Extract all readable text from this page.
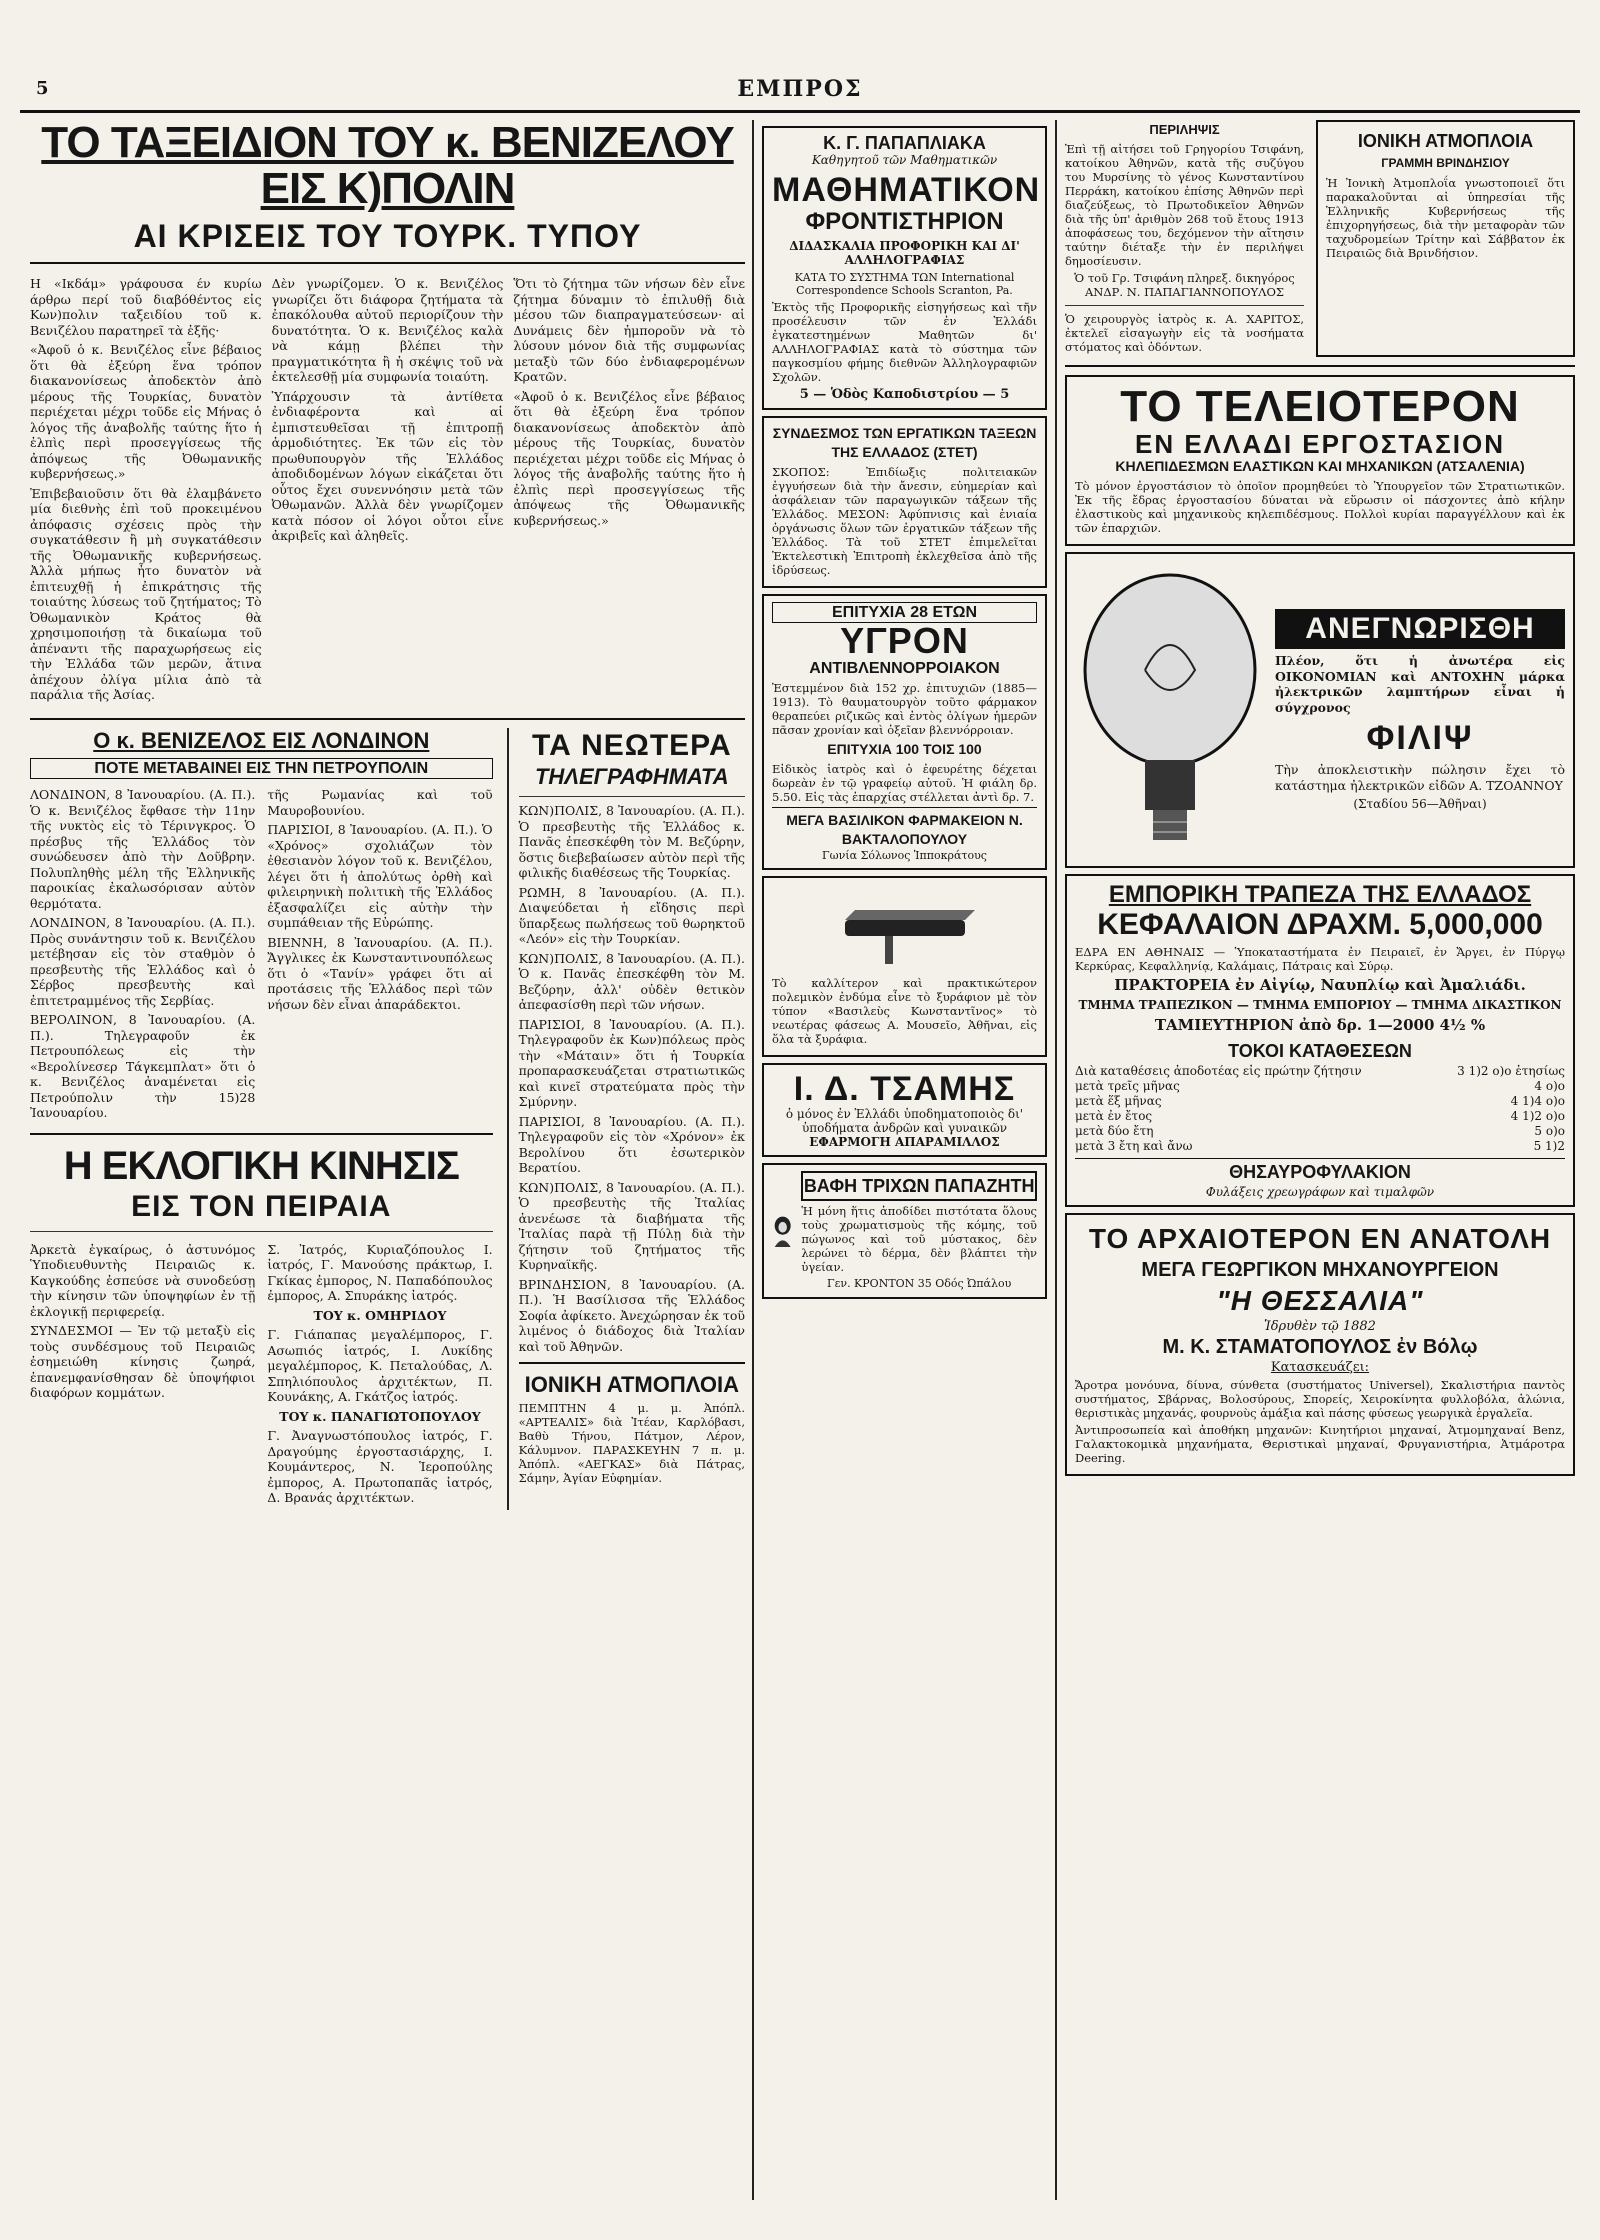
5	ΕΜΠΡΟΣ
ΤΟ ΤΑΞΕΙΔΙΟΝ ΤΟΥ κ. ΒΕΝΙΖΕΛΟΥ ΕΙΣ Κ)ΠΟΛΙΝ
ΑΙ ΚΡΙΣΕΙΣ ΤΟΥ ΤΟΥΡΚ. ΤΥΠΟΥ

Η «Ικδάμ» γράφουσα έν κυρίω άρθρω περί τοῦ διαβόθέντος εἰς Κων)πολιν ταξειδίου τοῦ κ. Βενιζέλου παρατηρεῖ τὰ ἑξῆς·

«Ἀφοῦ ὁ κ. Βενιζέλος εἶνε βέβαιος ὅτι θὰ ἐξεύρη ἕνα τρόπον διακανονίσεως ἀποδεκτὸν ἀπὸ μέρους τῆς Τουρκίας, δυνατὸν περιέχεται μέχρι τοῦδε εἰς Μήνας ὁ λόγος τῆς ἀναβολῆς ταύτης ἥτο ἡ ἐλπὶς περὶ προσεγγίσεως τῆς ἀπόψεως τῆς Ὀθωμανικῆς κυβερνήσεως.»

Ἐπιβεβαιοῦσιν ὅτι θὰ ἐλαμβάνετο μία διεθνὴς ἐπὶ τοῦ προκειμένου ἀπόφασις σχέσεις πρὸς τὴν συγκατάθεσιν ἢ μὴ συγκατάθεσιν τῆς Ὀθωμανικῆς κυβερνήσεως. Ἀλλὰ μήπως ἦτο δυνατὸν νὰ ἐπιτευχθῇ ἡ ἐπικράτησις τῆς τοιαύτης λύσεως τοῦ ζητήματος; Τὸ Ὀθωμανικὸν Κράτος θὰ χρησιμοποιήσῃ τὰ δικαίωμα τοῦ ἀπέναντι τῆς παραχωρήσεως εἰς τὴν Ἑλλάδα τῶν μερῶν, ἅτινα ἀπέχουν ὀλίγα μίλια ἀπὸ τὰ παράλια τῆς Ἀσίας.

Δὲν γνωρίζομεν. Ὁ κ. Βενιζέλος γνωρίζει ὅτι διάφορα ζητήματα τὰ ἐπακόλουθα αὐτοῦ περιορίζουν τὴν δυνατότητα. Ὁ κ. Βενιζέλος καλὰ νὰ κάμῃ βλέπει τὴν πραγματικότητα ἢ ἡ σκέψις τοῦ νὰ ἐκτελεσθῇ μία συμφωνία τοιαύτη.

Ὑπάρχουσιν τὰ ἀντίθετα ἐνδιαφέροντα καὶ αἱ ἐμπιστευθεῖσαι τῇ ἐπιτροπῇ ἀρμοδιότητες. Ἐκ τῶν εἰς τὸν πρωθυπουργὸν τῆς Ἑλλάδος ἀποδιδομένων λόγων εἰκάζεται ὅτι οὗτος ἔχει συνεννόησιν μετὰ τῶν Ὀθωμανῶν. Ἀλλὰ δὲν γνωρίζομεν κατὰ πόσον οἱ λόγοι οὗτοι εἶνε ἀκριβεῖς καὶ ἀληθεῖς.

Ὅτι τὸ ζήτημα τῶν νήσων δὲν εἶνε ζήτημα δύναμιν τὸ ἐπιλυθῇ διὰ μέσου τῶν διαπραγματεύσεων· αἱ Δυνάμεις δὲν ἠμποροῦν νὰ τὸ λύσουν μόνον διὰ τῆς συμφωνίας μεταξὺ τῶν δύο ἐνδιαφερομένων Κρατῶν.

«Ἀφοῦ ὁ κ. Βενιζέλος εἶνε βέβαιος ὅτι θὰ ἐξεύρη ἕνα τρόπον διακανονίσεως ἀποδεκτὸν ἀπὸ μέρους τῆς Τουρκίας, δυνατὸν περιέχεται μέχρι τοῦδε εἰς Μήνας ὁ λόγος τῆς ἀναβολῆς ταύτης ἥτο ἡ ἐλπὶς περὶ προσεγγίσεως τῆς ἀπόψεως τῆς Ὀθωμανικῆς κυβερνήσεως.»

Ο κ. ΒΕΝΙΖΕΛΟΣ ΕΙΣ ΛΟΝΔΙΝΟΝ
ΠΟΤΕ ΜΕΤΑΒΑΙΝΕΙ ΕΙΣ ΤΗΝ ΠΕΤΡΟΥΠΟΛΙΝ

ΛΟΝΔΙΝΟΝ, 8 Ἰανουαρίου. (Α. Π.). Ὁ κ. Βενιζέλος ἔφθασε τὴν 11ην τῆς νυκτὸς εἰς τὸ Τέρινγκρος. Ὁ πρέσβυς τῆς Ἑλλάδος τὸν συνώδευσεν ἀπὸ τὴν Δοῦβρην. Πολυπληθὴς μέλη τῆς Ἑλληνικῆς παροικίας ἐκαλωσόρισαν αὐτὸν θερμότατα.

ΛΟΝΔΙΝΟΝ, 8 Ἰανουαρίου. (Α. Π.). Πρὸς συνάντησιν τοῦ κ. Βενιζέλου μετέβησαν εἰς τὸν σταθμὸν ὁ πρεσβευτὴς τῆς Ἑλλάδος καὶ ὁ Σέρβος πρεσβευτὴς καὶ ἐπιτετραμμένος τῆς Σερβίας.

ΒΕΡΟΛΙΝΟΝ, 8 Ἰανουαρίου. (Α. Π.). Τηλεγραφοῦν ἐκ Πετρουπόλεως εἰς τὴν «Βερολίνεσερ Τάγκεμπλατ» ὅτι ὁ κ. Βενιζέλος ἀναμένεται εἰς Πετρούπολιν τὴν 15)28 Ἰανουαρίου.

τῆς Ρωμανίας καὶ τοῦ Μαυροβουνίου.

ΠΑΡΙΣΙΟΙ, 8 Ἰανουαρίου. (Α. Π.). Ὁ «Χρόνος» σχολιάζων τὸν ἐθεσιανὸν λόγον τοῦ κ. Βενιζέλου, λέγει ὅτι ἡ ἀπολύτως ὀρθὴ καὶ φιλειρηνικὴ πολιτικὴ τῆς Ἑλλάδος ἐξασφαλίζει εἰς αὐτὴν τὴν συμπάθειαν τῆς Εὐρώπης.

ΒΙΕΝΝΗ, 8 Ἰανουαρίου. (Α. Π.). Ἄγγλικες ἐκ Κωνσταντινουπόλεως ὅτι ὁ «Τανίν» γράφει ὅτι αἱ προτάσεις τῆς Ἑλλάδος περὶ τῶν νήσων δὲν εἶναι ἀπαράδεκτοι.

Η ΕΚΛΟΓΙΚΗ ΚΙΝΗΣΙΣ
ΕΙΣ ΤΟΝ ΠΕΙΡΑΙΑ

Ἀρκετὰ ἐγκαίρως, ὁ ἀστυνόμος Ὑποδιευθυντὴς Πειραιῶς κ. Καγκούδης ἐσπεύσε νὰ συνοδεύσῃ τὴν κίνησιν τῶν ὑποψηφίων ἐν τῇ ἐκλογικῇ περιφερείᾳ.

ΣΥΝΔΕΣΜΟΙ — Ἐν τῷ μεταξὺ εἰς τοὺς συνδέσμους τοῦ Πειραιῶς ἐσημειώθη κίνησις ζωηρά, ἐπανεμφανίσθησαν δὲ ὑποψήφιοι διαφόρων κομμάτων.

Σ. Ἰατρός, Κυριαζόπουλος Ι. ἰατρός, Γ. Μανούσης πράκτωρ, Ι. Γκίκας ἐμπορος, Ν. Παπαδόπουλος ἐμπορος, Α. Σπυράκης ἰατρός.

ΤΟΥ κ. ΟΜΗΡΙΔΟΥ

Γ. Γιάπαπας μεγαλέμπορος, Γ. Ασωπιός ἰατρός, Ι. Λυκίδης μεγαλέμπορος, Κ. Πεταλούδας, Λ. Σπηλιόπουλος ἀρχιτέκτων, Π. Κουνάκης, Α. Γκάτζος ἰατρός.

ΤΟΥ κ. ΠΑΝΑΓΙΩΤΟΠΟΥΛΟΥ

Γ. Ἀναγνωστόπουλος ἰατρός, Γ. Δραγούμης ἐργοστασιάρχης, Ι. Κουμάντερος, Ν. Ἱεροπούλης ἐμπορος, Α. Πρωτοπαπᾶς ἰατρός, Δ. Βρανάς ἀρχιτέκτων.

ΤΑ ΝΕΩΤΕΡΑ
ΤΗΛΕΓΡΑΦΗΜΑΤΑ

ΚΩΝ)ΠΟΛΙΣ, 8 Ἰανουαρίου. (Α. Π.). Ὁ πρεσβευτὴς τῆς Ἑλλάδος κ. Πανᾶς ἐπεσκέφθη τὸν Μ. Βεζύρην, ὅστις διεβεβαίωσεν αὐτὸν περὶ τῆς φιλικῆς διαθέσεως τῆς Τουρκίας.

ΡΩΜΗ, 8 Ἰανουαρίου. (Α. Π.). Διαψεύδεται ἡ εἴδησις περὶ ὕπαρξεως πωλήσεως τοῦ θωρηκτοῦ «Λεόν» εἰς τὴν Τουρκίαν.

ΚΩΝ)ΠΟΛΙΣ, 8 Ἰανουαρίου. (Α. Π.). Ὁ κ. Πανᾶς ἐπεσκέφθη τὸν Μ. Βεζύρην, ἀλλ' οὐδὲν θετικὸν ἀπεφασίσθη περὶ τῶν νήσων.

ΠΑΡΙΣΙΟΙ, 8 Ἰανουαρίου. (Α. Π.). Τηλεγραφοῦν ἐκ Κων)πόλεως πρὸς τὴν «Μάταιν» ὅτι ἡ Τουρκία προπαρασκευάζεται στρατιωτικῶς καὶ κινεῖ στρατεύματα πρὸς τὴν Σμύρνην.

ΠΑΡΙΣΙΟΙ, 8 Ἰανουαρίου. (Α. Π.). Τηλεγραφοῦν εἰς τὸν «Χρόνον» ἐκ Βερολίνου ὅτι ἐσωτερικὸν Βερατίου.

ΚΩΝ)ΠΟΛΙΣ, 8 Ἰανουαρίου. (Α. Π.). Ὁ πρεσβευτὴς τῆς Ἰταλίας ἀνενέωσε τὰ διαβήματα τῆς Ἰταλίας παρὰ τῇ Πύλῃ διὰ τὴν ζήτησιν τοῦ ζητήματος τῆς Κυρηναϊκῆς.

ΒΡΙΝΔΗΣΙΟΝ, 8 Ἰανουαρίου. (Α. Π.). Ἡ Βασίλισσα τῆς Ἑλλάδος Σοφία ἀφίκετο. Ἀνεχώρησαν ἐκ τοῦ λιμένος ὁ διάδοχος διὰ Ἰταλίαν καὶ τοῦ Ἀθηνῶν.

ΙΟΝΙΚΗ ΑΤΜΟΠΛΟΙΑ

ΠΕΜΠΤΗΝ 4 μ. μ. Ἀπόπλ. «ΑΡΤΕΑΛΙΣ» διὰ Ἰτέαν, Καρλόβασι, Βαθὺ Τήνου, Πάτμον, Λέρον, Κάλυμνον. ΠΑΡΑΣΚΕΥΗΝ 7 π. μ. Ἀπόπλ. «ΑΕΓΚΑΣ» διὰ Πάτρας, Σάμην, Ἀγίαν Εὐφημίαν.

Κ. Γ. ΠΑΠΑΠΛΙΑΚΑ
Καθηγητοῦ τῶν Μαθηματικῶν
ΜΑΘΗΜΑΤΙΚΟΝ
ΦΡΟΝΤΙΣΤΗΡΙΟΝ
ΔΙΔΑΣΚΑΛΙΑ ΠΡΟΦΟΡΙΚΗ ΚΑΙ ΔΙ' ΑΛΛΗΛΟΓΡΑΦΙΑΣ
ΚΑΤΑ ΤΟ ΣΥΣΤΗΜΑ ΤΩΝ International Correspondence Schools Scranton, Pa.

Ἐκτὸς τῆς Προφορικῆς εἰσηγήσεως καὶ τῆν προσέλευσιν τῶν ἐν Ἑλλάδι ἐγκατεστημένων Μαθητῶν δι' ΑΛΛΗΛΟΓΡΑΦΙΑΣ κατὰ τὸ σύστημα τῶν παγκοσμίου φήμης διεθνῶν Ἀλληλογραφιῶν Σχολῶν.

5 — Ὁδὸς Καποδιστρίου — 5
ΣΥΝΔΕΣΜΟΣ ΤΩΝ ΕΡΓΑΤΙΚΩΝ ΤΑΞΕΩΝ ΤΗΣ ΕΛΛΑΔΟΣ (ΣΤΕΤ)

ΣΚΟΠΟΣ: Ἐπιδίωξις πολιτειακῶν ἐγγυήσεων διὰ τὴν ἄνεσιν, εὐημερίαν καὶ ἀσφάλειαν τῶν παραγωγικῶν τάξεων τῆς Ἑλλάδος. ΜΕΣΟΝ: Ἀφύπνισις καὶ ἐνιαία ὀργάνωσις ὅλων τῶν ἐργατικῶν τάξεων τῆς Ἑλλάδος. Τὰ τοῦ ΣΤΕΤ ἐπιμελεῖται Ἐκτελεστικὴ Ἐπιτροπὴ ἐκλεχθεῖσα ἀπὸ τῆς ἱδρύσεως.

ΕΠΙΤΥΧΙΑ 28 ΕΤΩΝ
ΥΓΡΟΝ
ΑΝΤΙΒΛΕΝΝΟΡΡΟΙΑΚΟΝ

Ἐστεμμένον διὰ 152 χρ. ἐπιτυχιῶν (1885—1913). Τὸ θαυματουργὸν τοῦτο φάρμακον θεραπεύει ριζικῶς καὶ ἐντὸς ὀλίγων ἡμερῶν πᾶσαν χρονίαν καὶ ὀξεῖαν βλεννόρροιαν.

ΕΠΙΤΥΧΙΑ 100 ΤΟΙΣ 100

Εἰδικὸς ἰατρὸς καὶ ὁ ἐφευρέτης δέχεται δωρεὰν ἐν τῷ γραφείῳ αὐτοῦ. Ἡ φιάλη δρ. 5.50. Εἰς τὰς ἐπαρχίας στέλλεται ἀντὶ δρ. 7.

ΜΕΓΑ ΒΑΣΙΛΙΚΟΝ ΦΑΡΜΑΚΕΙΟΝ Ν. ΒΑΚΤΑΛΟΠΟΥΛΟΥ
Γωνία Σόλωνος Ἱπποκράτους

Τὸ καλλίτερον καὶ πρακτικώτερον πολεμικὸν ἐνδύμα εἶνε τὸ ξυράφιον μὲ τὸν τύπον «Βασιλεὺς Κωνσταντῖνος» τὸ νεωτέρας φάσεως Α. Μουσεῖο, Ἀθῆναι, εἰς ὅλα τὰ ξυράφια.

Ι. Δ. ΤΣΑΜΗΣ
ὁ μόνος ἐν Ἑλλάδι ὑποδηματοποιὸς δι' ὑποδήματα ἀνδρῶν καὶ γυναικῶν
ΕΦΑΡΜΟΓΗ ΑΠΑΡΑΜΙΛΛΟΣ
ΒΑΦΗ ΤΡΙΧΩΝ ΠΑΠΑΖΗΤΗ

Ἡ μόνη ἥτις ἀποδίδει πιστότατα ὅλους τοὺς χρωματισμοὺς τῆς κόμης, τοῦ πώγωνος καὶ τοῦ μύστακος, δὲν λερώνει τὸ δέρμα, δὲν βλάπτει τὴν ὑγείαν.

Γεν. ΚΡΟΝΤΟΝ 35 Οδός Ὠπάλου
ΠΕΡΙΛΗΨΙΣ

Ἐπὶ τῇ αἰτήσει τοῦ Γρηγορίου Τσιφάνη, κατοίκου Ἀθηνῶν, κατὰ τῆς συζύγου του Μυρσίνης τὸ γένος Κωνσταντίνου Περράκη, κατοίκου ἐπίσης Ἀθηνῶν περὶ διαζεύξεως, τὸ Πρωτοδικεῖον Ἀθηνῶν διὰ τῆς ὑπ' ἀριθμὸν 268 τοῦ ἔτους 1913 ἀποφάσεως του, δεχόμενον τὴν αἴτησιν ταύτην διέταξε τὴν ἐν περιλήψει δημοσίευσιν.

Ὁ τοῦ Γρ. Τσιφάνη πληρεξ. δικηγόρος ΑΝΔΡ. Ν. ΠΑΠΑΓΙΑΝΝΟΠΟΥΛΟΣ

Ὁ χειρουργὸς ἰατρὸς κ. Α. ΧΑΡΙΤΟΣ, ἐκτελεῖ εἰσαγωγὴν εἰς τὰ νοσήματα στόματος καὶ ὀδόντων.

ΙΟΝΙΚΗ ΑΤΜΟΠΛΟΙΑ
ΓΡΑΜΜΗ ΒΡΙΝΔΗΣΙΟΥ

Ἡ Ἰονικὴ Ἀτμοπλοΐα γνωστοποιεῖ ὅτι παρακαλοῦνται αἱ ὑπηρεσίαι τῆς Ἑλληνικῆς Κυβερνήσεως τῆς ἐπιχορηγήσεως, διὰ τὴν μεταφορὰν τῶν ταχυδρομείων Τρίτην καὶ Σάββατον ἐκ Πειραιῶς διὰ Βρινδήσιον.

ΤΟ ΤΕΛΕΙΟΤΕΡΟΝ
ΕΝ ΕΛΛΑΔΙ ΕΡΓΟΣΤΑΣΙΟΝ
ΚΗΛΕΠΙΔΕΣΜΩΝ ΕΛΑΣΤΙΚΩΝ ΚΑΙ ΜΗΧΑΝΙΚΩΝ (ΑΤΣΑΛΕΝΙΑ)

Τὸ μόνον ἐργοστάσιον τὸ ὁποῖον προμηθεύει τὸ Ὑπουργεῖον τῶν Στρατιωτικῶν. Ἐκ τῆς ἔδρας ἐργοστασίου δύναται νὰ εὕρωσιν οἱ πάσχοντες ἀπὸ κήλην ἐλαστικοὺς καὶ μηχανικοὺς κηλεπιδέσμους. Πολλοὶ κυρίαι παραγγέλλουν καὶ ἐκ τῶν ἐπαρχιῶν.

ΑΝΕΓΝΩΡΙΣΘΗ

Πλέον, ὅτι ἡ ἀνωτέρα εἰς ΟΙΚΟΝΟΜΙΑΝ καὶ ΑΝΤΟΧΗΝ μάρκα ἠλεκτρικῶν λαμπτήρων εἶναι ἡ σύγχρονος

ΦΙΛΙΨ

Τὴν ἀποκλειστικὴν πώλησιν ἔχει τὸ κατάστημα ἠλεκτρικῶν εἰδῶν Α. ΤΖΟΑΝΝΟΥ

(Σταδίου 56—Ἀθῆναι)
ΕΜΠΟΡΙΚΗ ΤΡΑΠΕΖΑ ΤΗΣ ΕΛΛΑΔΟΣ
ΚΕΦΑΛΑΙΟΝ ΔΡΑΧΜ. 5,000,000

ΕΔΡΑ ΕΝ ΑΘΗΝΑΙΣ — Ὑποκαταστήματα ἐν Πειραιεῖ, ἐν Ἄργει, ἐν Πύργῳ Κερκύρας, Κεφαλληνίᾳ, Καλάμαις, Πάτραις καὶ Σύρῳ.

ΠΡΑΚΤΟΡΕΙΑ ἐν Αἰγίῳ, Ναυπλίῳ καὶ Ἀμαλιάδι.
ΤΜΗΜΑ ΤΡΑΠΕΖΙΚΟΝ — ΤΜΗΜΑ ΕΜΠΟΡΙΟΥ — ΤΜΗΜΑ ΔΙΚΑΣΤΙΚΟΝ
ΤΑΜΙΕΥΤΗΡΙΟΝ ἀπὸ δρ. 1—2000 4½ %
ΤΟΚΟΙ ΚΑΤΑΘΕΣΕΩΝ
Διὰ καταθέσεις ἀποδοτέας εἰς πρώτην ζήτησιν	3 1)2 o)o ἐτησίως
μετὰ τρεῖς μῆνας	4 o)o
μετὰ ἕξ μῆνας	4 1)4 o)o
μετὰ ἐν ἔτος	4 1)2 o)o
μετὰ δύο ἔτη	5 o)o
μετὰ 3 ἔτη καὶ ἄνω	5 1)2
ΘΗΣΑΥΡΟΦΥΛΑΚΙΟΝ
Φυλάξεις χρεωγράφων καὶ τιμαλφῶν
ΤΟ ΑΡΧΑΙΟΤΕΡΟΝ ΕΝ ΑΝΑΤΟΛΗ
ΜΕΓΑ ΓΕΩΡΓΙΚΟΝ ΜΗΧΑΝΟΥΡΓΕΙΟΝ
"Η ΘΕΣΣΑΛΙΑ"
Ἱδρυθὲν τῷ 1882
Μ. Κ. ΣΤΑΜΑΤΟΠΟΥΛΟΣ ἐν Βόλῳ
Κατασκευάζει:

Ἄροτρα μονόυνα, δίυνα, σύνθετα (συστήματος Universel), Σκαλιστήρια παντὸς συστήματος, Σβάρνας, Βολοσύρους, Σπορείς, Χειροκίνητα φυλλοβόλα, ἁλώνια, θεριστικὰς μηχανάς, φουρνοὺς ἀμάξια καὶ πάσης φύσεως γεωργικὰ ἐργαλεῖα.

Ἀντιπροσωπεία καὶ ἀποθήκη μηχανῶν: Κινητήριοι μηχαναί, Ἀτμομηχαναί Benz, Γαλακτοκομικὰ μηχανήματα, Θεριστικαὶ μηχαναί, Φρυγανιστήρια, Ἀτμάροτρα Deering.
